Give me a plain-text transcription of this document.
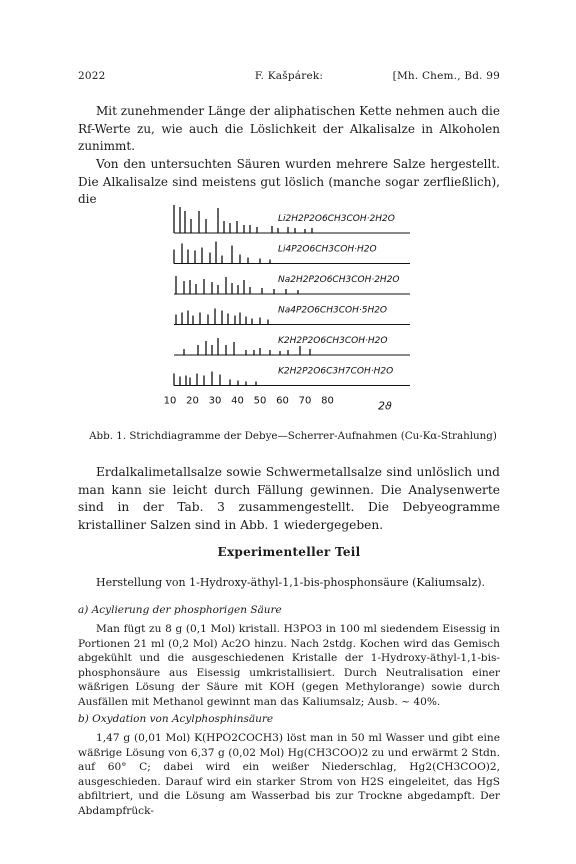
2022	F. Kašpárek:	[Mh. Chem., Bd. 99
Mit zunehmender Länge der aliphatischen Kette nehmen auch die Rf-Werte zu, wie auch die Löslichkeit der Alkalisalze in Alkoholen zunimmt.
Von den untersuchten Säuren wurden mehrere Salze hergestellt. Die Alkalisalze sind meistens gut löslich (manche sogar zerfließlich), die
Li2H2P2O6CH3COH·2H2O
Li4P2O6CH3COH·H2O
Na2H2P2O6CH3COH·2H2O
Na4P2O6CH3COH·5H2O
K2H2P2O6CH3COH·H2O
K2H2P2O6C3H7COH·H2O
10 20 30 40 50 60 70 80	2ϑ
Abb. 1. Strichdiagramme der Debye—Scherrer-Aufnahmen (Cu-Kα-Strahlung)
Erdalkalimetallsalze sowie Schwermetallsalze sind unlöslich und man kann sie leicht durch Fällung gewinnen. Die Analysenwerte sind in der Tab. 3 zusammengestellt. Die Debyeogramme kristalliner Salzen sind in Abb. 1 wiedergegeben.
Experimenteller Teil
Herstellung von 1-Hydroxy-äthyl-1,1-bis-phosphonsäure (Kaliumsalz).
a) Acylierung der phosphorigen Säure
Man fügt zu 8 g (0,1 Mol) kristall. H3PO3 in 100 ml siedendem Eisessig in Portionen 21 ml (0,2 Mol) Ac2O hinzu. Nach 2stdg. Kochen wird das Gemisch abgekühlt und die ausgeschiedenen Kristalle der 1-Hydroxy-äthyl-1,1-bis-phosphonsäure aus Eisessig umkristallisiert. Durch Neutralisation einer wäßrigen Lösung der Säure mit KOH (gegen Methylorange) sowie durch Ausfällen mit Methanol gewinnt man das Kaliumsalz; Ausb. ~ 40%.
b) Oxydation von Acylphosphinsäure
1,47 g (0,01 Mol) K(HPO2COCH3) löst man in 50 ml Wasser und gibt eine wäßrige Lösung von 6,37 g (0,02 Mol) Hg(CH3COO)2 zu und erwärmt 2 Stdn. auf 60° C; dabei wird ein weißer Niederschlag, Hg2(CH3COO)2, ausgeschieden. Darauf wird ein starker Strom von H2S eingeleitet, das HgS abfiltriert, und die Lösung am Wasserbad bis zur Trockne abgedampft. Der Abdampfrück-
